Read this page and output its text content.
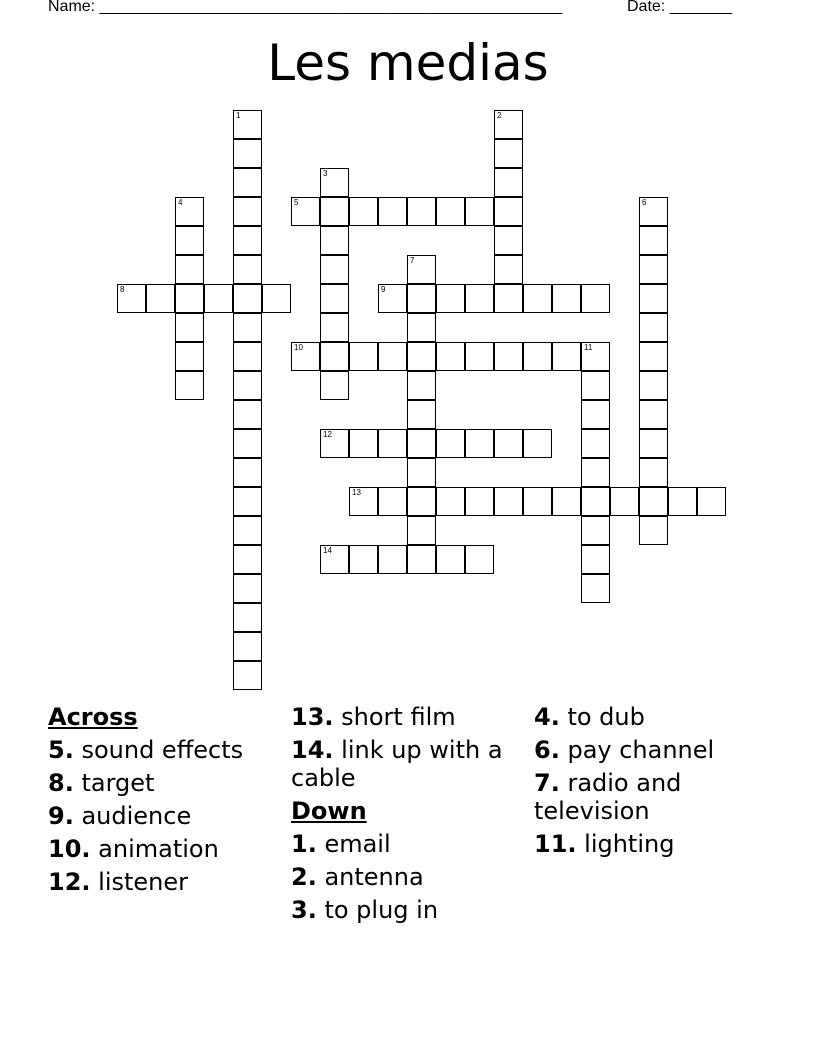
Name: ____________________________________________________	Date: _______
Les medias
1	2
3
4	5	6
7
8	9
10	11
12
13
14
Across
5. sound effects
8. target
9. audience
10. animation
12. listener
13. short film
14. link up with a cable
Down
1. email
2. antenna
3. to plug in
4. to dub
6. pay channel
7. radio and television
11. lighting
